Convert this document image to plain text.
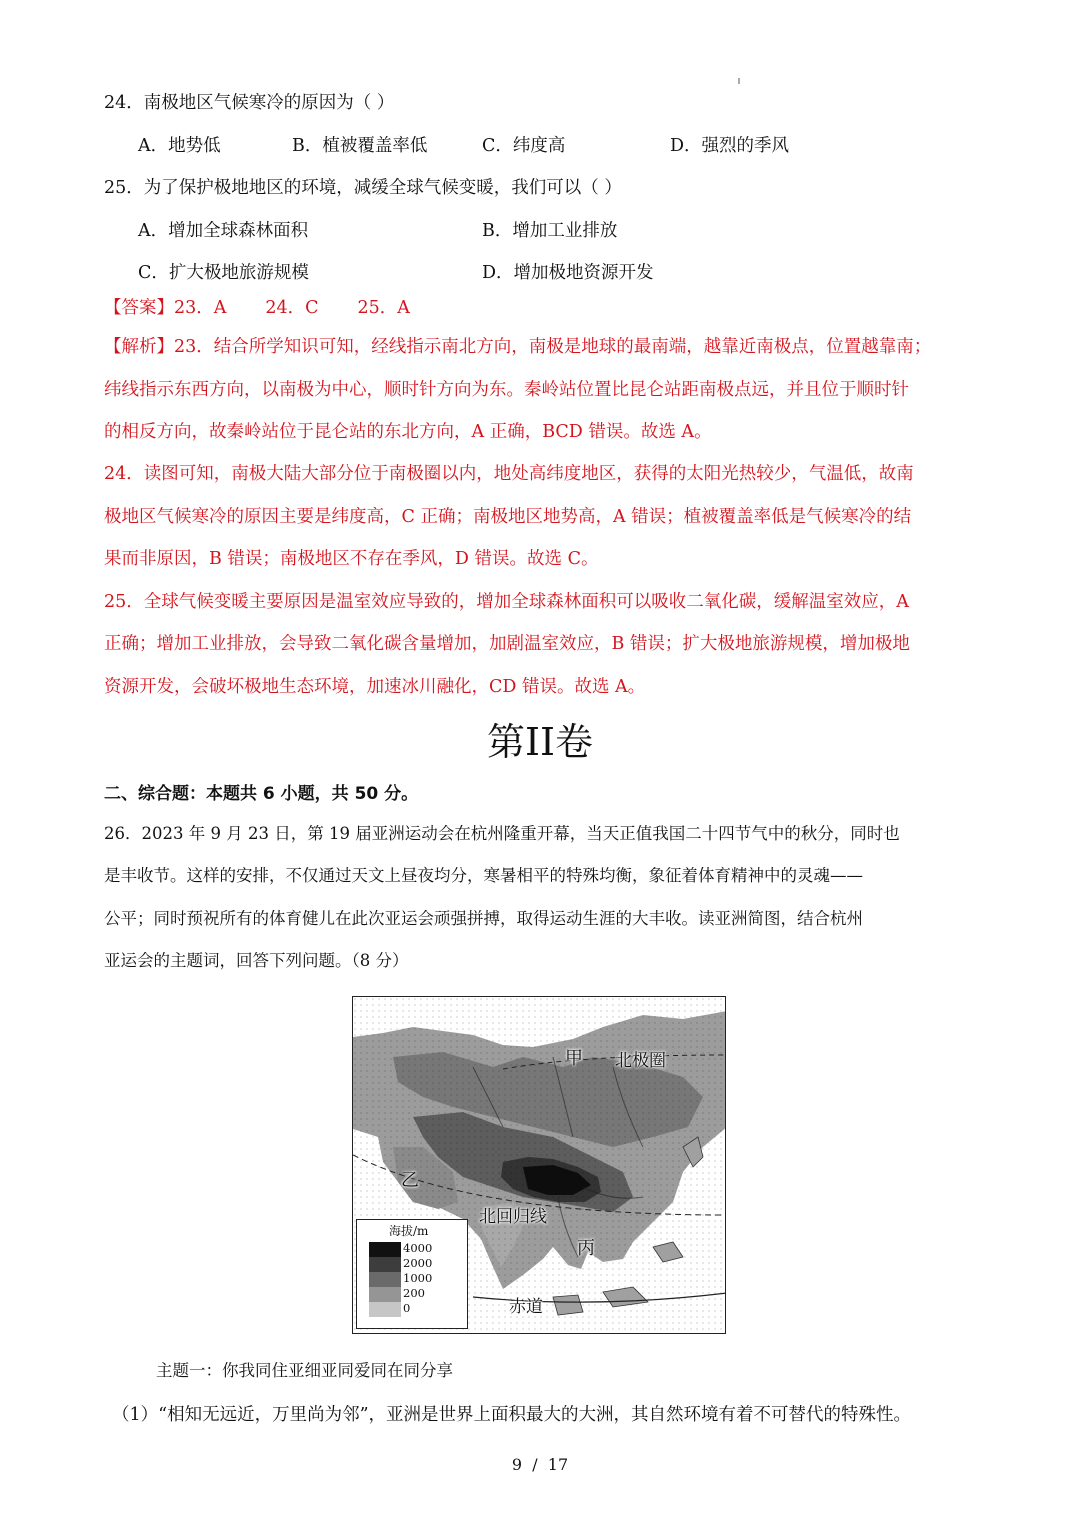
24．南极地区气候寒冷的原因为（ ）
A．地势低	B．植被覆盖率低	C．纬度高	D．强烈的季风
25．为了保护极地地区的环境，减缓全球气候变暖，我们可以（ ）
A．增加全球森林面积	B．增加工业排放
C．扩大极地旅游规模	D．增加极地资源开发
【答案】23．A       24．C       25．A
【解析】23．结合所学知识可知，经线指示南北方向，南极是地球的最南端，越靠近南极点，位置越靠南；
纬线指示东西方向，以南极为中心，顺时针方向为东。秦岭站位置比昆仑站距南极点远，并且位于顺时针
的相反方向，故秦岭站位于昆仑站的东北方向，A 正确，BCD 错误。故选 A。
24．读图可知，南极大陆大部分位于南极圈以内，地处高纬度地区，获得的太阳光热较少，气温低，故南
极地区气候寒冷的原因主要是纬度高，C 正确；南极地区地势高，A 错误；植被覆盖率低是气候寒冷的结
果而非原因，B 错误；南极地区不存在季风，D 错误。故选 C。
25．全球气候变暖主要原因是温室效应导致的，增加全球森林面积可以吸收二氧化碳，缓解温室效应，A
正确；增加工业排放，会导致二氧化碳含量增加，加剧温室效应，B 错误；扩大极地旅游规模，增加极地
资源开发，会破坏极地生态环境，加速冰川融化，CD 错误。故选 A。
第II卷
二、综合题：本题共 6 小题，共 50 分。
26．2023 年 9 月 23 日，第 19 届亚洲运动会在杭州隆重开幕，当天正值我国二十四节气中的秋分，同时也
是丰收节。这样的安排，不仅通过天文上昼夜均分，寒暑相平的特殊均衡，象征着体育精神中的灵魂——
公平；同时预祝所有的体育健儿在此次亚运会顽强拼搏，取得运动生涯的大丰收。读亚洲简图，结合杭州
亚运会的主题词，回答下列问题。（8 分）
甲 北极圈
乙
北回归线
丙
赤道
海拔/m
4000
2000
1000
200
0
主题一：你我同住亚细亚同爱同在同分享
（1）“相知无远近，万里尚为邻”，亚洲是世界上面积最大的大洲，其自然环境有着不可替代的特殊性。
9  /  17
